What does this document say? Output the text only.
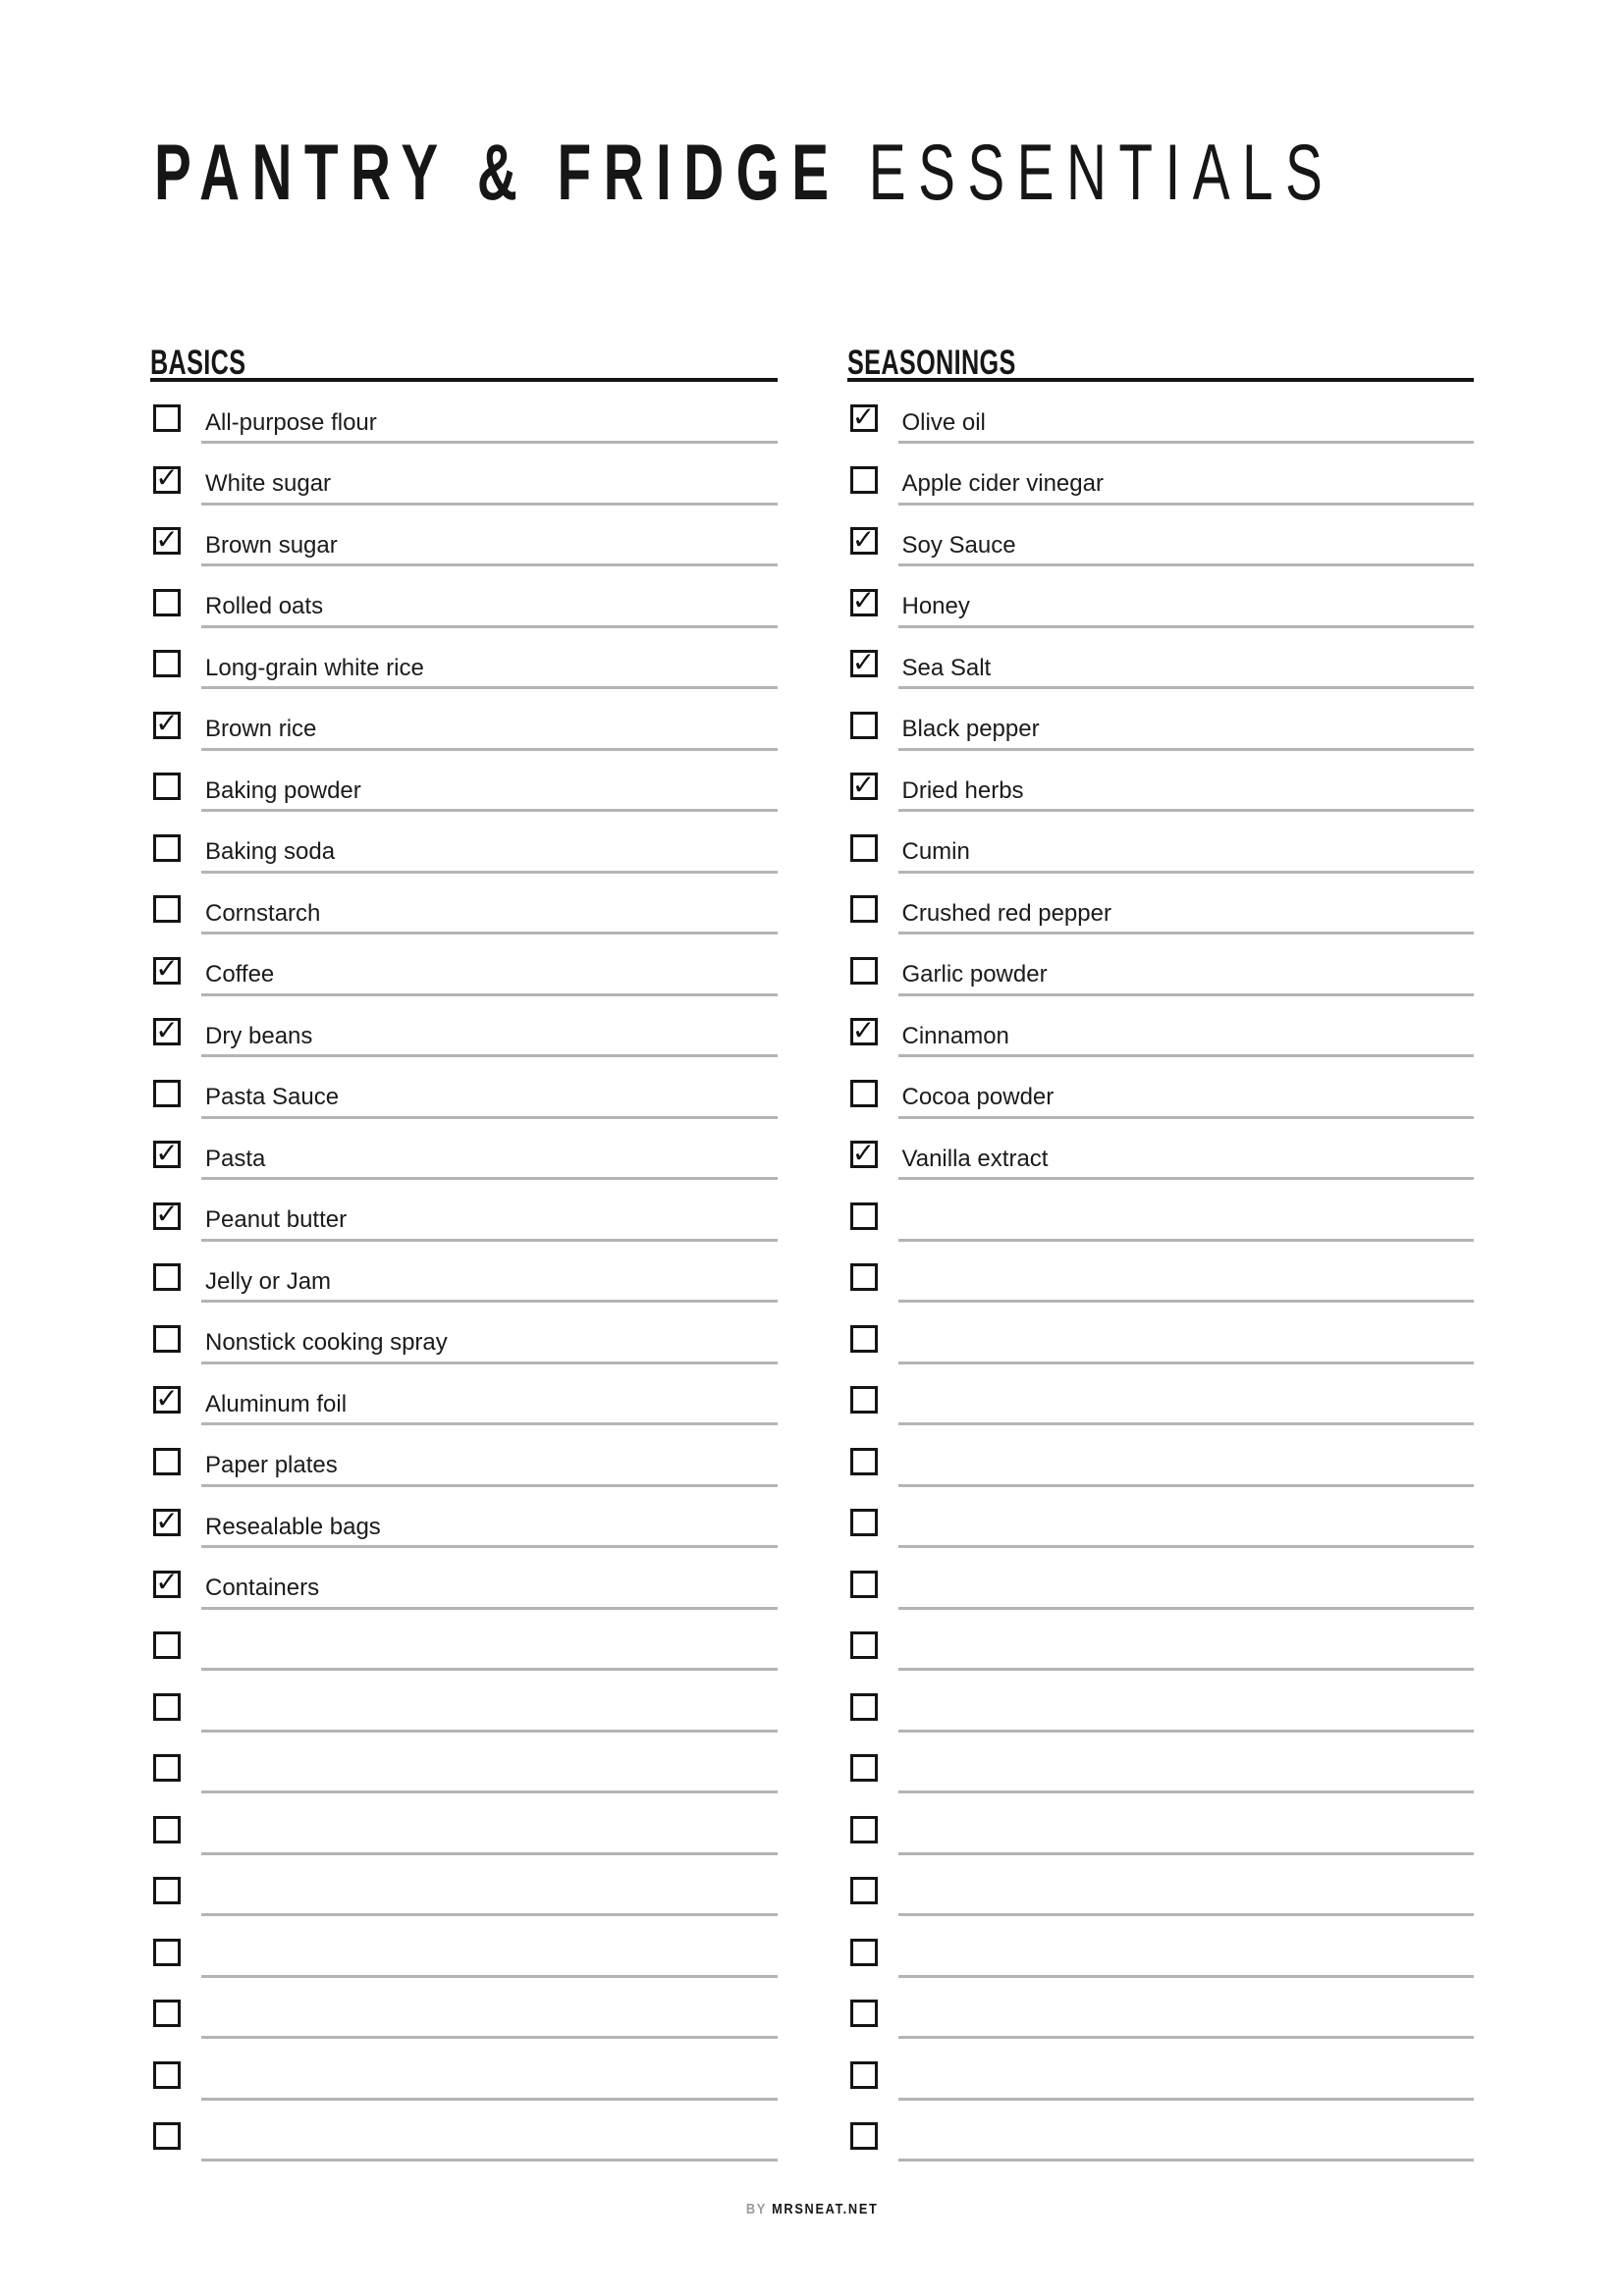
PANTRY & FRIDGE ESSENTIALS
BASICS
All-purpose flour
✓ White sugar
✓ Brown sugar
Rolled oats
Long-grain white rice
✓ Brown rice
Baking powder
Baking soda
Cornstarch
✓ Coffee
✓ Dry beans
Pasta Sauce
✓ Pasta
✓ Peanut butter
Jelly or Jam
Nonstick cooking spray
✓ Aluminum foil
Paper plates
✓ Resealable bags
✓ Containers
SEASONINGS
✓ Olive oil
Apple cider vinegar
✓ Soy Sauce
✓ Honey
✓ Sea Salt
Black pepper
✓ Dried herbs
Cumin
Crushed red pepper
Garlic powder
✓ Cinnamon
Cocoa powder
✓ Vanilla extract
BY MRSNEAT.NET
